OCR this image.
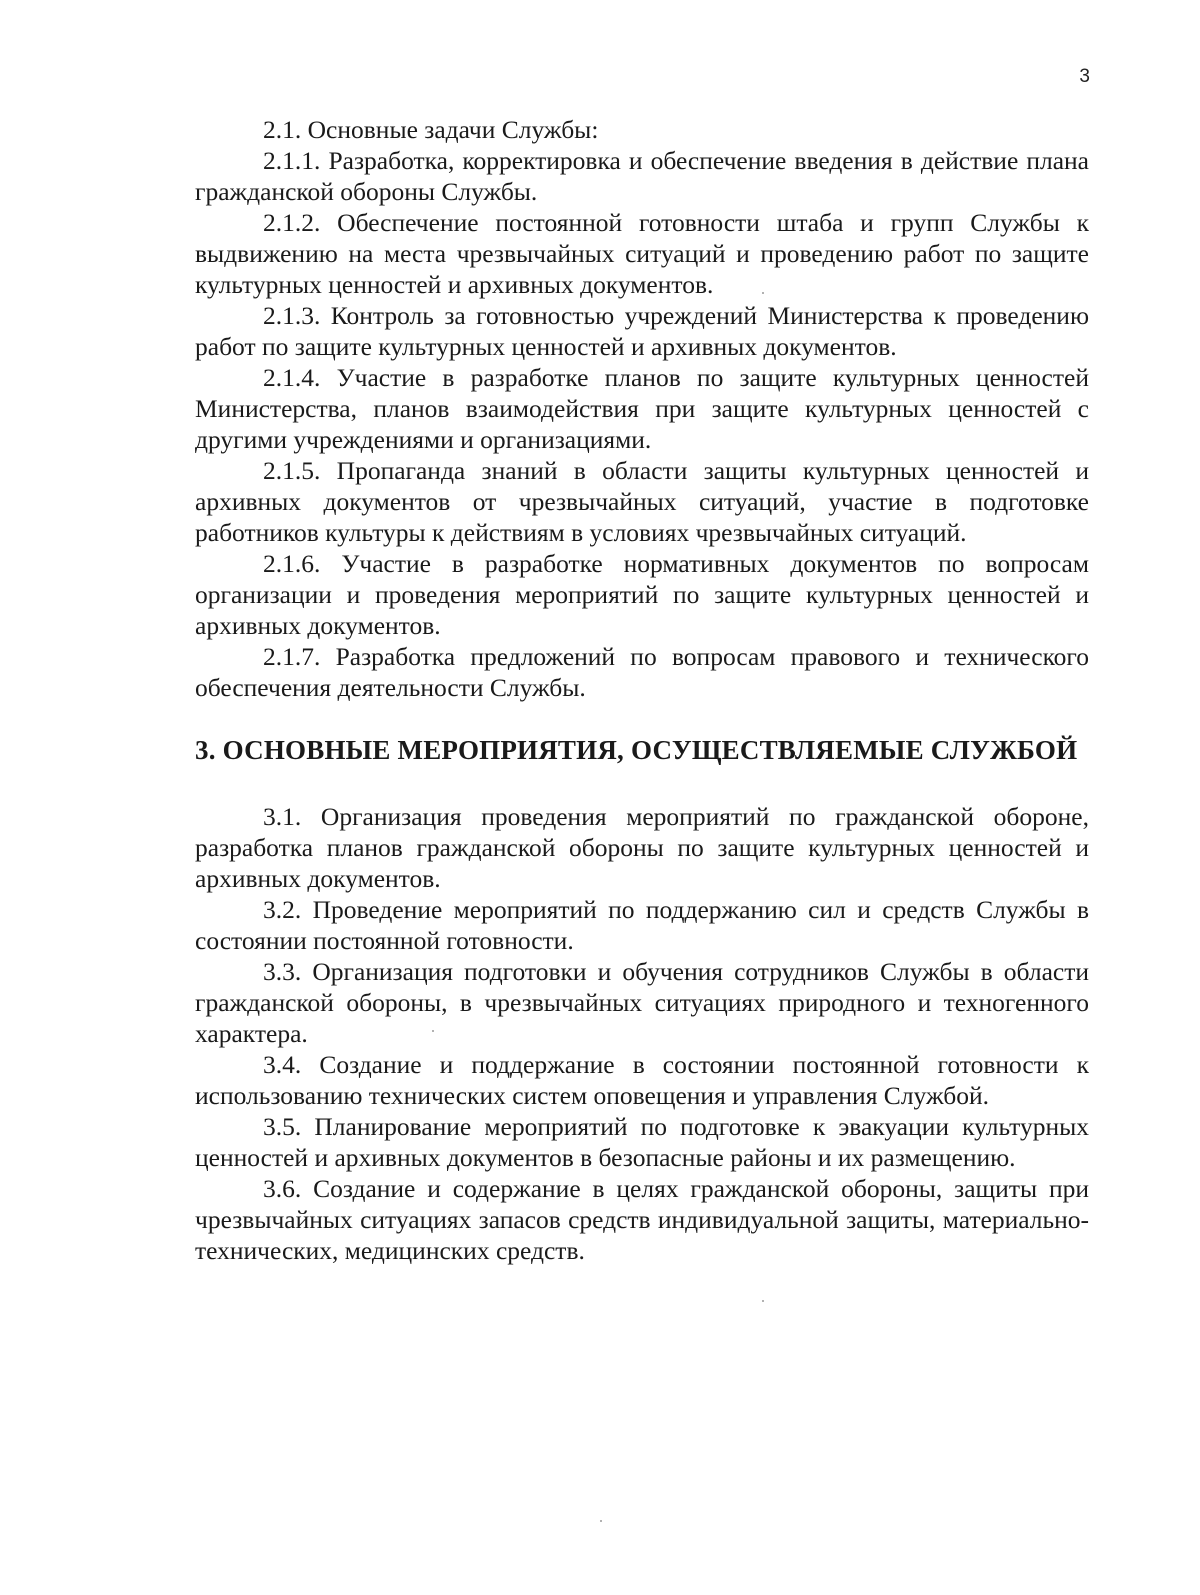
3

2.1. Основные задачи Службы:

2.1.1. Разработка, корректировка и обеспечение введения в действие плана гражданской обороны Службы.

2.1.2. Обеспечение постоянной готовности штаба и групп Службы к выдвижению на места чрезвычайных ситуаций и проведению работ по защите культурных ценностей и архивных документов.

2.1.3. Контроль за готовностью учреждений Министерства к проведению работ по защите культурных ценностей и архивных документов.

2.1.4. Участие в разработке планов по защите культурных ценностей Министерства, планов взаимодействия при защите культурных ценностей с другими учреждениями и организациями.

2.1.5. Пропаганда знаний в области защиты культурных ценностей и архивных документов от чрезвычайных ситуаций, участие в подготовке работников культуры к действиям в условиях чрезвычайных ситуаций.

2.1.6. Участие в разработке нормативных документов по вопросам организации и проведения мероприятий по защите культурных ценностей и архивных документов.

2.1.7. Разработка предложений по вопросам правового и технического обеспечения деятельности Службы.

3. ОСНОВНЫЕ МЕРОПРИЯТИЯ, ОСУЩЕСТВЛЯЕМЫЕ СЛУЖБОЙ

3.1. Организация проведения мероприятий по гражданской обороне, разработка планов гражданской обороны по защите культурных ценностей и архивных документов.

3.2. Проведение мероприятий по поддержанию сил и средств Службы в состоянии постоянной готовности.

3.3. Организация подготовки и обучения сотрудников Службы в области гражданской обороны, в чрезвычайных ситуациях природного и техногенного характера.

3.4. Создание и поддержание в состоянии постоянной готовности к использованию технических систем оповещения и управления Службой.

3.5. Планирование мероприятий по подготовке к эвакуации культурных ценностей и архивных документов в безопасные районы и их размещению.

3.6. Создание и содержание в целях гражданской обороны, защиты при чрезвычайных ситуациях запасов средств индивидуальной защиты, материально-технических, медицинских средств.
